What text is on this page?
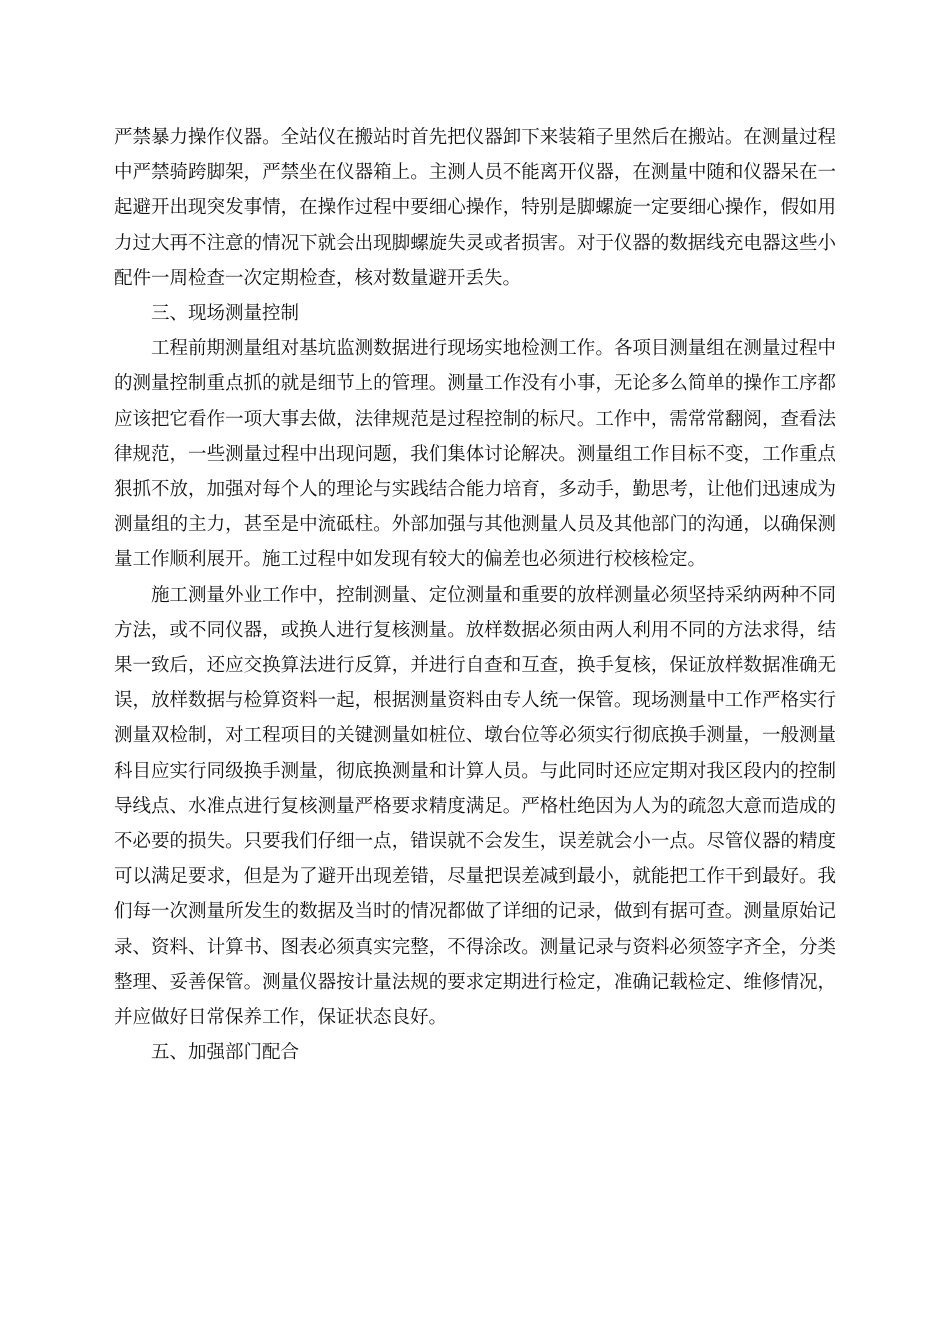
严禁暴力操作仪器。全站仪在搬站时首先把仪器卸下来装箱子里然后在搬站。在测量过程中严禁骑跨脚架，严禁坐在仪器箱上。主测人员不能离开仪器，在测量中随和仪器呆在一起避开出现突发事情，在操作过程中要细心操作，特别是脚螺旋一定要细心操作，假如用力过大再不注意的情况下就会出现脚螺旋失灵或者损害。对于仪器的数据线充电器这些小配件一周检查一次定期检查，核对数量避开丢失。

三、现场测量控制

工程前期测量组对基坑监测数据进行现场实地检测工作。各项目测量组在测量过程中的测量控制重点抓的就是细节上的管理。测量工作没有小事，无论多么简单的操作工序都应该把它看作一项大事去做，法律规范是过程控制的标尺。工作中，需常常翻阅，查看法律规范，一些测量过程中出现问题，我们集体讨论解决。测量组工作目标不变，工作重点狠抓不放，加强对每个人的理论与实践结合能力培育，多动手，勤思考，让他们迅速成为测量组的主力，甚至是中流砥柱。外部加强与其他测量人员及其他部门的沟通，以确保测量工作顺利展开。施工过程中如发现有较大的偏差也必须进行校核检定。

施工测量外业工作中，控制测量、定位测量和重要的放样测量必须坚持采纳两种不同方法，或不同仪器，或换人进行复核测量。放样数据必须由两人利用不同的方法求得，结果一致后，还应交换算法进行反算，并进行自查和互查，换手复核，保证放样数据准确无误，放样数据与检算资料一起，根据测量资料由专人统一保管。现场测量中工作严格实行测量双检制，对工程项目的关键测量如桩位、墩台位等必须实行彻底换手测量，一般测量科目应实行同级换手测量，彻底换测量和计算人员。与此同时还应定期对我区段内的控制导线点、水准点进行复核测量严格要求精度满足。严格杜绝因为人为的疏忽大意而造成的不必要的损失。只要我们仔细一点，错误就不会发生，误差就会小一点。尽管仪器的精度可以满足要求，但是为了避开出现差错，尽量把误差减到最小，就能把工作干到最好。我们每一次测量所发生的数据及当时的情况都做了详细的记录，做到有据可查。测量原始记录、资料、计算书、图表必须真实完整，不得涂改。测量记录与资料必须签字齐全，分类整理、妥善保管。测量仪器按计量法规的要求定期进行检定，准确记载检定、维修情况，并应做好日常保养工作，保证状态良好。

五、加强部门配合
